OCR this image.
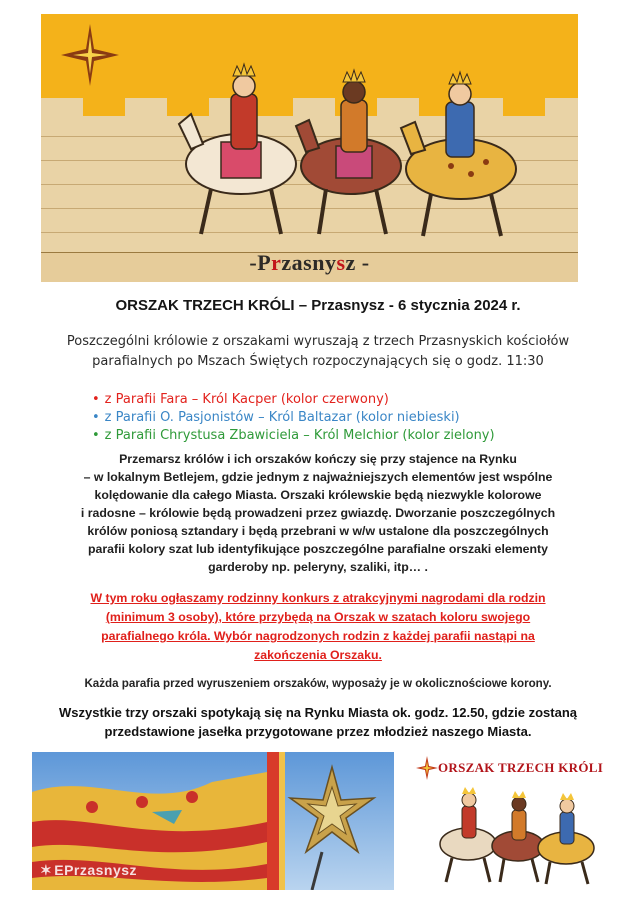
-Przasnysz -
ORSZAK TRZECH KRÓLI – Przasnysz - 6 stycznia 2024 r.
Poszczególni królowie z orszakami wyruszają z trzech Przasnyskich kościołów
parafialnych po Mszach Świętych rozpoczynających się o godz. 11:30
• z Parafii Fara – Król Kacper (kolor czerwony)
• z Parafii O. Pasjonistów – Król Baltazar (kolor niebieski)
• z Parafii Chrystusa Zbawiciela – Król Melchior (kolor zielony)
Przemarsz królów i ich orszaków kończy się przy stajence na Rynku
– w lokalnym Betlejem, gdzie jednym z najważniejszych elementów jest wspólne
kolędowanie dla całego Miasta. Orszaki królewskie będą niezwykle kolorowe
i radosne – królowie będą prowadzeni przez gwiazdę. Dworzanie poszczególnych
królów poniosą sztandary i będą przebrani w w/w ustalone dla poszczególnych
parafii kolory szat lub identyfikujące poszczególne parafialne orszaki elementy
garderoby np. peleryny, szaliki, itp… .
W tym roku ogłaszamy rodzinny konkurs z atrakcyjnymi nagrodami dla rodzin
(minimum 3 osoby), które przybędą na Orszak w szatach koloru swojego
parafialnego króla. Wybór nagrodzonych rodzin z każdej parafii nastąpi na
zakończenia Orszaku.
Każda parafia przed wyruszeniem orszaków, wyposaży je w okolicznościowe korony.
Wszystkie trzy orszaki spotykają się na Rynku Miasta ok. godz. 12.50, gdzie zostaną
przedstawione jasełka przygotowane przez młodzież naszego Miasta.
ORSZAK TRZECH KRÓLI
✶ EPrzasnysz
